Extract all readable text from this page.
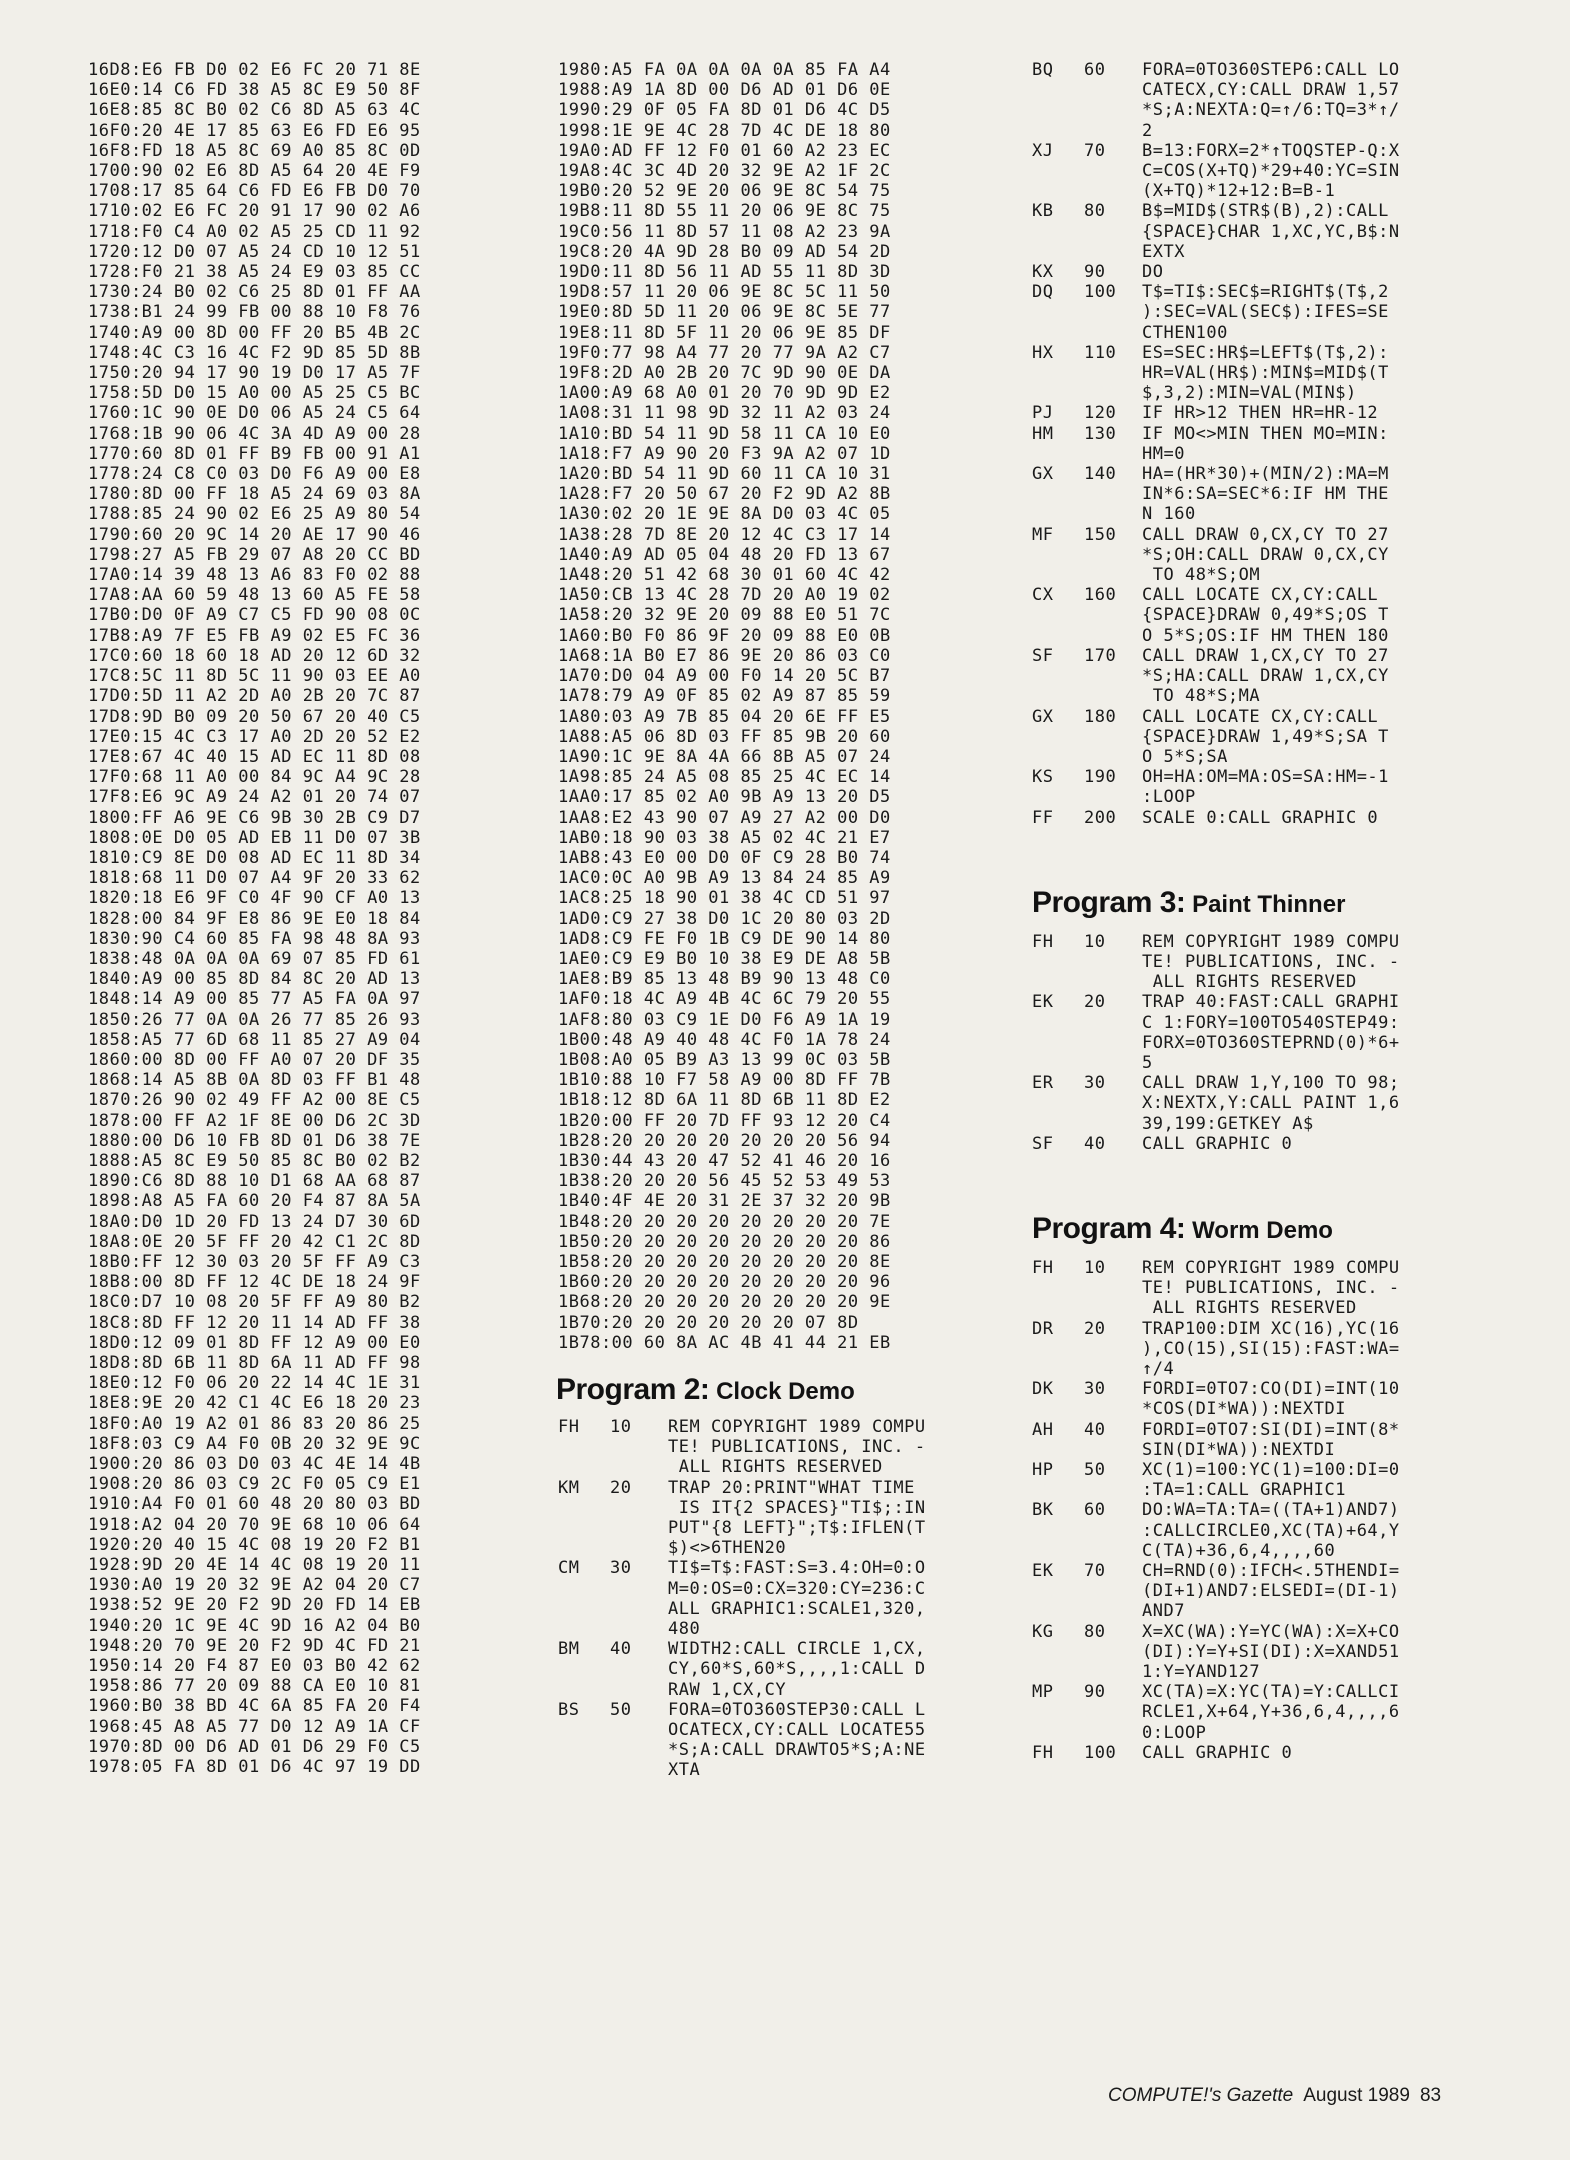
16D8:E6 FB D0 02 E6 FC 20 71 8E
16E0:14 C6 FD 38 A5 8C E9 50 8F
16E8:85 8C B0 02 C6 8D A5 63 4C
16F0:20 4E 17 85 63 E6 FD E6 95
16F8:FD 18 A5 8C 69 A0 85 8C 0D
1700:90 02 E6 8D A5 64 20 4E F9
1708:17 85 64 C6 FD E6 FB D0 70
1710:02 E6 FC 20 91 17 90 02 A6
1718:F0 C4 A0 02 A5 25 CD 11 92
1720:12 D0 07 A5 24 CD 10 12 51
1728:F0 21 38 A5 24 E9 03 85 CC
1730:24 B0 02 C6 25 8D 01 FF AA
1738:B1 24 99 FB 00 88 10 F8 76
1740:A9 00 8D 00 FF 20 B5 4B 2C
1748:4C C3 16 4C F2 9D 85 5D 8B
1750:20 94 17 90 19 D0 17 A5 7F
1758:5D D0 15 A0 00 A5 25 C5 BC
1760:1C 90 0E D0 06 A5 24 C5 64
1768:1B 90 06 4C 3A 4D A9 00 28
1770:60 8D 01 FF B9 FB 00 91 A1
1778:24 C8 C0 03 D0 F6 A9 00 E8
1780:8D 00 FF 18 A5 24 69 03 8A
1788:85 24 90 02 E6 25 A9 80 54
1790:60 20 9C 14 20 AE 17 90 46
1798:27 A5 FB 29 07 A8 20 CC BD
17A0:14 39 48 13 A6 83 F0 02 88
17A8:AA 60 59 48 13 60 A5 FE 58
17B0:D0 0F A9 C7 C5 FD 90 08 0C
17B8:A9 7F E5 FB A9 02 E5 FC 36
17C0:60 18 60 18 AD 20 12 6D 32
17C8:5C 11 8D 5C 11 90 03 EE A0
17D0:5D 11 A2 2D A0 2B 20 7C 87
17D8:9D B0 09 20 50 67 20 40 C5
17E0:15 4C C3 17 A0 2D 20 52 E2
17E8:67 4C 40 15 AD EC 11 8D 08
17F0:68 11 A0 00 84 9C A4 9C 28
17F8:E6 9C A9 24 A2 01 20 74 07
1800:FF A6 9E C6 9B 30 2B C9 D7
1808:0E D0 05 AD EB 11 D0 07 3B
1810:C9 8E D0 08 AD EC 11 8D 34
1818:68 11 D0 07 A4 9F 20 33 62
1820:18 E6 9F C0 4F 90 CF A0 13
1828:00 84 9F E8 86 9E E0 18 84
1830:90 C4 60 85 FA 98 48 8A 93
1838:48 0A 0A 0A 69 07 85 FD 61
1840:A9 00 85 8D 84 8C 20 AD 13
1848:14 A9 00 85 77 A5 FA 0A 97
1850:26 77 0A 0A 26 77 85 26 93
1858:A5 77 6D 68 11 85 27 A9 04
1860:00 8D 00 FF A0 07 20 DF 35
1868:14 A5 8B 0A 8D 03 FF B1 48
1870:26 90 02 49 FF A2 00 8E C5
1878:00 FF A2 1F 8E 00 D6 2C 3D
1880:00 D6 10 FB 8D 01 D6 38 7E
1888:A5 8C E9 50 85 8C B0 02 B2
1890:C6 8D 88 10 D1 68 AA 68 87
1898:A8 A5 FA 60 20 F4 87 8A 5A
18A0:D0 1D 20 FD 13 24 D7 30 6D
18A8:0E 20 5F FF 20 42 C1 2C 8D
18B0:FF 12 30 03 20 5F FF A9 C3
18B8:00 8D FF 12 4C DE 18 24 9F
18C0:D7 10 08 20 5F FF A9 80 B2
18C8:8D FF 12 20 11 14 AD FF 38
18D0:12 09 01 8D FF 12 A9 00 E0
18D8:8D 6B 11 8D 6A 11 AD FF 98
18E0:12 F0 06 20 22 14 4C 1E 31
18E8:9E 20 42 C1 4C E6 18 20 23
18F0:A0 19 A2 01 86 83 20 86 25
18F8:03 C9 A4 F0 0B 20 32 9E 9C
1900:20 86 03 D0 03 4C 4E 14 4B
1908:20 86 03 C9 2C F0 05 C9 E1
1910:A4 F0 01 60 48 20 80 03 BD
1918:A2 04 20 70 9E 68 10 06 64
1920:20 40 15 4C 08 19 20 F2 B1
1928:9D 20 4E 14 4C 08 19 20 11
1930:A0 19 20 32 9E A2 04 20 C7
1938:52 9E 20 F2 9D 20 FD 14 EB
1940:20 1C 9E 4C 9D 16 A2 04 B0
1948:20 70 9E 20 F2 9D 4C FD 21
1950:14 20 F4 87 E0 03 B0 42 62
1958:86 77 20 09 88 CA E0 10 81
1960:B0 38 BD 4C 6A 85 FA 20 F4
1968:45 A8 A5 77 D0 12 A9 1A CF
1970:8D 00 D6 AD 01 D6 29 F0 C5
1978:05 FA 8D 01 D6 4C 97 19 DD
1980:A5 FA 0A 0A 0A 0A 85 FA A4
1988:A9 1A 8D 00 D6 AD 01 D6 0E
1990:29 0F 05 FA 8D 01 D6 4C D5
1998:1E 9E 4C 28 7D 4C DE 18 80
19A0:AD FF 12 F0 01 60 A2 23 EC
19A8:4C 3C 4D 20 32 9E A2 1F 2C
19B0:20 52 9E 20 06 9E 8C 54 75
19B8:11 8D 55 11 20 06 9E 8C 75
19C0:56 11 8D 57 11 08 A2 23 9A
19C8:20 4A 9D 28 B0 09 AD 54 2D
19D0:11 8D 56 11 AD 55 11 8D 3D
19D8:57 11 20 06 9E 8C 5C 11 50
19E0:8D 5D 11 20 06 9E 8C 5E 77
19E8:11 8D 5F 11 20 06 9E 85 DF
19F0:77 98 A4 77 20 77 9A A2 C7
19F8:2D A0 2B 20 7C 9D 90 0E DA
1A00:A9 68 A0 01 20 70 9D 9D E2
1A08:31 11 98 9D 32 11 A2 03 24
1A10:BD 54 11 9D 58 11 CA 10 E0
1A18:F7 A9 90 20 F3 9A A2 07 1D
1A20:BD 54 11 9D 60 11 CA 10 31
1A28:F7 20 50 67 20 F2 9D A2 8B
1A30:02 20 1E 9E 8A D0 03 4C 05
1A38:28 7D 8E 20 12 4C C3 17 14
1A40:A9 AD 05 04 48 20 FD 13 67
1A48:20 51 42 68 30 01 60 4C 42
1A50:CB 13 4C 28 7D 20 A0 19 02
1A58:20 32 9E 20 09 88 E0 51 7C
1A60:B0 F0 86 9F 20 09 88 E0 0B
1A68:1A B0 E7 86 9E 20 86 03 C0
1A70:D0 04 A9 00 F0 14 20 5C B7
1A78:79 A9 0F 85 02 A9 87 85 59
1A80:03 A9 7B 85 04 20 6E FF E5
1A88:A5 06 8D 03 FF 85 9B 20 60
1A90:1C 9E 8A 4A 66 8B A5 07 24
1A98:85 24 A5 08 85 25 4C EC 14
1AA0:17 85 02 A0 9B A9 13 20 D5
1AA8:E2 43 90 07 A9 27 A2 00 D0
1AB0:18 90 03 38 A5 02 4C 21 E7
1AB8:43 E0 00 D0 0F C9 28 B0 74
1AC0:0C A0 9B A9 13 84 24 85 A9
1AC8:25 18 90 01 38 4C CD 51 97
1AD0:C9 27 38 D0 1C 20 80 03 2D
1AD8:C9 FE F0 1B C9 DE 90 14 80
1AE0:C9 E9 B0 10 38 E9 DE A8 5B
1AE8:B9 85 13 48 B9 90 13 48 C0
1AF0:18 4C A9 4B 4C 6C 79 20 55
1AF8:80 03 C9 1E D0 F6 A9 1A 19
1B00:48 A9 40 48 4C F0 1A 78 24
1B08:A0 05 B9 A3 13 99 0C 03 5B
1B10:88 10 F7 58 A9 00 8D FF 7B
1B18:12 8D 6A 11 8D 6B 11 8D E2
1B20:00 FF 20 7D FF 93 12 20 C4
1B28:20 20 20 20 20 20 20 56 94
1B30:44 43 20 47 52 41 46 20 16
1B38:20 20 20 56 45 52 53 49 53
1B40:4F 4E 20 31 2E 37 32 20 9B
1B48:20 20 20 20 20 20 20 20 7E
1B50:20 20 20 20 20 20 20 20 86
1B58:20 20 20 20 20 20 20 20 8E
1B60:20 20 20 20 20 20 20 20 96
1B68:20 20 20 20 20 20 20 20 9E
1B70:20 20 20 20 20 20 07 8D
1B78:00 60 8A AC 4B 41 44 21 EB
Program 2: Clock Demo
FH	10	REM COPYRIGHT 1989 COMPU
TE! PUBLICATIONS, INC. -
ALL RIGHTS RESERVED
KM	20	TRAP 20:PRINT"WHAT TIME
IS IT{2 SPACES}"TI$;:IN
PUT"{8 LEFT}";T$:IFLEN(T
$)<>6THEN20
CM	30	TI$=T$:FAST:S=3.4:OH=0:O
M=0:OS=0:CX=320:CY=236:C
ALL GRAPHIC1:SCALE1,320,
480
BM	40	WIDTH2:CALL CIRCLE 1,CX,
CY,60*S,60*S,,,,1:CALL D
RAW 1,CX,CY
BS	50	FORA=0TO360STEP30:CALL L
OCATECX,CY:CALL LOCATE55
*S;A:CALL DRAWTO5*S;A:NE
XTA
BQ	60	FORA=0TO360STEP6:CALL LO
CATECX,CY:CALL DRAW 1,57
*S;A:NEXTA:Q=↑/6:TQ=3*↑/
2
XJ	70	B=13:FORX=2*↑TOQSTEP-Q:X
C=COS(X+TQ)*29+40:YC=SIN
(X+TQ)*12+12:B=B-1
KB	80	B$=MID$(STR$(B),2):CALL
{SPACE}CHAR 1,XC,YC,B$:N
EXTX
KX	90	DO
DQ	100	T$=TI$:SEC$=RIGHT$(T$,2
):SEC=VAL(SEC$):IFES=SE
CTHEN100
HX	110	ES=SEC:HR$=LEFT$(T$,2):
HR=VAL(HR$):MIN$=MID$(T
$,3,2):MIN=VAL(MIN$)
PJ	120	IF HR>12 THEN HR=HR-12
HM	130	IF MO<>MIN THEN MO=MIN:
HM=0
GX	140	HA=(HR*30)+(MIN/2):MA=M
IN*6:SA=SEC*6:IF HM THE
N 160
MF	150	CALL DRAW 0,CX,CY TO 27
*S;OH:CALL DRAW 0,CX,CY
TO 48*S;OM
CX	160	CALL LOCATE CX,CY:CALL
{SPACE}DRAW 0,49*S;OS T
O 5*S;OS:IF HM THEN 180
SF	170	CALL DRAW 1,CX,CY TO 27
*S;HA:CALL DRAW 1,CX,CY
TO 48*S;MA
GX	180	CALL LOCATE CX,CY:CALL
{SPACE}DRAW 1,49*S;SA T
O 5*S;SA
KS	190	OH=HA:OM=MA:OS=SA:HM=-1
:LOOP
FF	200	SCALE 0:CALL GRAPHIC 0
Program 3: Paint Thinner
FH	10	REM COPYRIGHT 1989 COMPU
TE! PUBLICATIONS, INC. -
ALL RIGHTS RESERVED
EK	20	TRAP 40:FAST:CALL GRAPHI
C 1:FORY=100TO540STEP49:
FORX=0TO360STEPRND(0)*6+
5
ER	30	CALL DRAW 1,Y,100 TO 98;
X:NEXTX,Y:CALL PAINT 1,6
39,199:GETKEY A$
SF	40	CALL GRAPHIC 0
Program 4: Worm Demo
FH	10	REM COPYRIGHT 1989 COMPU
TE! PUBLICATIONS, INC. -
ALL RIGHTS RESERVED
DR	20	TRAP100:DIM XC(16),YC(16
),CO(15),SI(15):FAST:WA=
↑/4
DK	30	FORDI=0TO7:CO(DI)=INT(10
*COS(DI*WA)):NEXTDI
AH	40	FORDI=0TO7:SI(DI)=INT(8*
SIN(DI*WA)):NEXTDI
HP	50	XC(1)=100:YC(1)=100:DI=0
:TA=1:CALL GRAPHIC1
BK	60	DO:WA=TA:TA=((TA+1)AND7)
:CALLCIRCLE0,XC(TA)+64,Y
C(TA)+36,6,4,,,,60
EK	70	CH=RND(0):IFCH<.5THENDI=
(DI+1)AND7:ELSEDI=(DI-1)
AND7
KG	80	X=XC(WA):Y=YC(WA):X=X+CO
(DI):Y=Y+SI(DI):X=XAND51
1:Y=YAND127
MP	90	XC(TA)=X:YC(TA)=Y:CALLCI
RCLE1,X+64,Y+36,6,4,,,,6
0:LOOP
FH	100	CALL GRAPHIC 0
COMPUTE!'s Gazette August 1989 83
